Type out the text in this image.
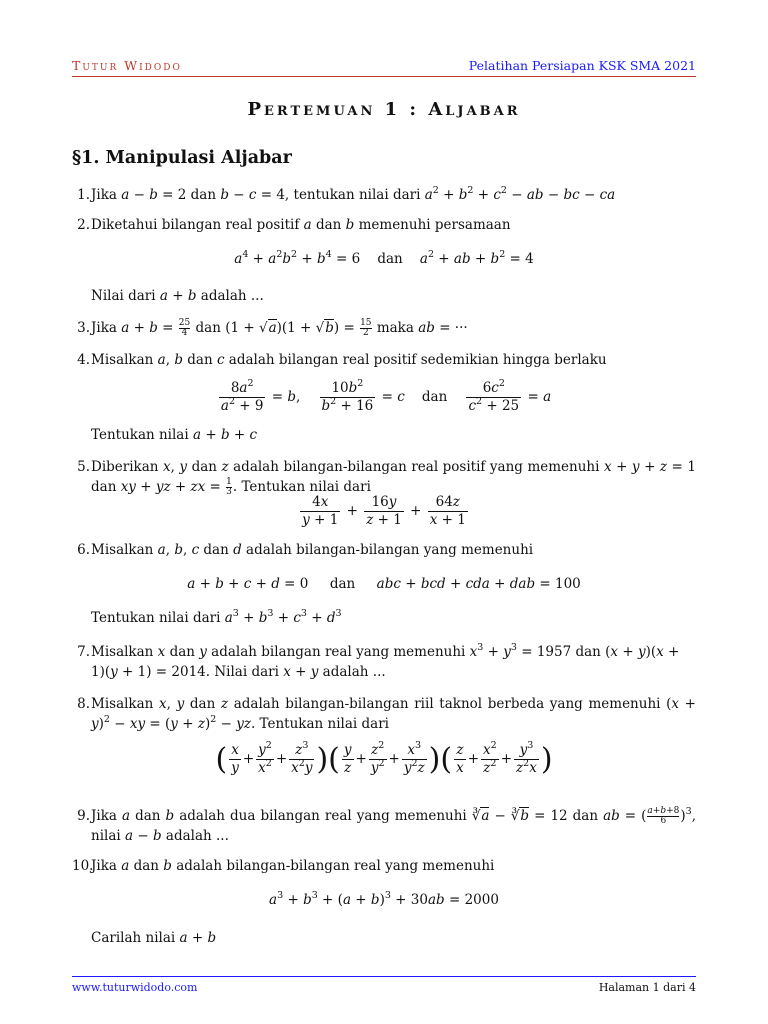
Tutur Widodo	Pelatihan Persiapan KSK SMA 2021
Pertemuan 1 : Aljabar
§1. Manipulasi Aljabar
1. Jika a − b = 2 dan b − c = 4, tentukan nilai dari $a^2 + b^2 + c^2$ − ab − bc − ca
2. Diketahui bilangan real positif a dan b memenuhi persamaan
$a^4 + a^2b^2 + b^4 = 6$    dan    $a^2$ + ab + $b^2 = 4$
Nilai dari a + b adalah ...
3. Jika $a + b = \frac{25}{4}$ dan $(1 + √a)(1 + √b) = \frac{15}{2}$ maka ab = ···
4. Misalkan a, b dan c adalah bilangan real positif sedemikian hingga berlaku
$\frac{8a^2}{a^2 + 9} = b$, $\frac{10b^2}{b^2 + 16} = c$    dan $\frac{6c^2}{c^2 + 25} = a$
Tentukan nilai a + b + c
5. Diberikan x, y dan z adalah bilangan-bilangan real positif yang memenuhi x + y + z = 1 dan xy + yz + zx = $\frac{1}{3}$ . Tentukan nilai dari
$\frac{4x}{y + 1} + \frac{16y}{z + 1} + \frac{64z}{x + 1}$
6. Misalkan a, b, c dan d adalah bilangan-bilangan yang memenuhi
a + b + c + d = 0     dan     abc + bcd + cda + dab = 100
Tentukan nilai dari $a^3 + b^3 + c^3 + d^3$
7. Misalkan x dan y adalah bilangan real yang memenuhi $x^3 + y^3 = 1957$ dan (x + y)(x + 1)(y + 1) = 2014. Nilai dari x + y adalah ...
8. Misalkan x, y dan z adalah bilangan-bilangan riil taknol berbeda yang memenuhi $(x + y)^2$ − xy = $(y + z)^2$ − yz. Tentukan nilai dari
( $\frac{x}{y} + \frac{y^2}{x^2} + \frac{z^3}{x^2y}$ )( $\frac{y}{z} + \frac{z^2}{y^2} + \frac{x^3}{y^2z}$ )( $\frac{z}{x} + \frac{x^2}{z^2} + \frac{y^3}{z^2x}$ )
9. Jika a dan b adalah dua bilangan real yang memenuhi ∛a − ∛b = 12 dan ab = ( $\frac{a+b+8}{6} )^3$, nilai a − b adalah ...
10.
Jika a dan b adalah bilangan-bilangan real yang memenuhi
$a^3 + b^3 + (a + b)^3 + 30ab = 2000$
Carilah nilai a + b
www.tuturwidodo.com	Halaman 1 dari 4
